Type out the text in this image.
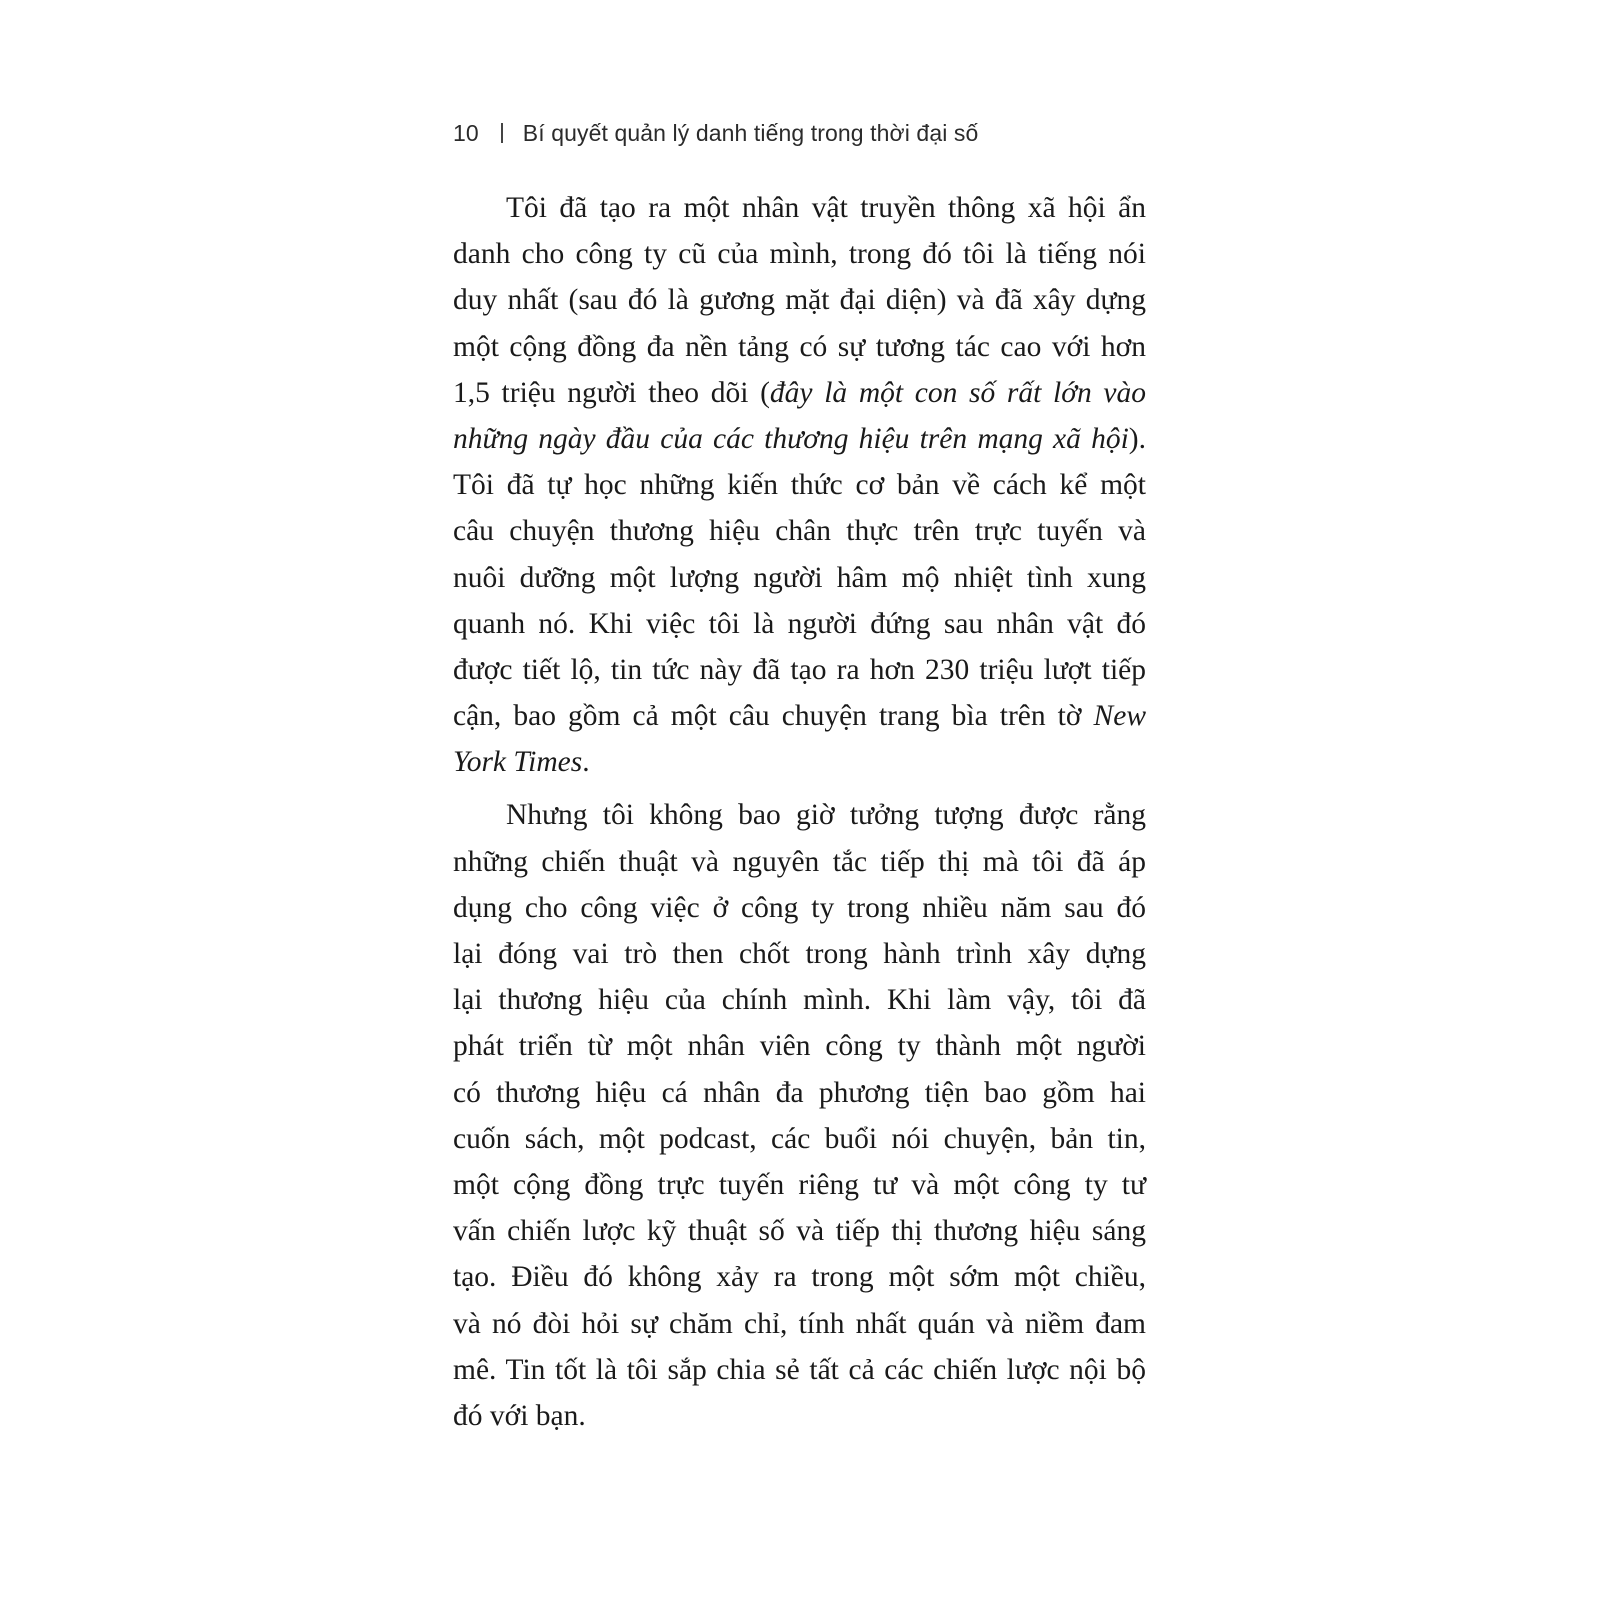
10 Bí quyết quản lý danh tiếng trong thời đại số
Tôi đã tạo ra một nhân vật truyền thông xã hội ẩn
danh cho công ty cũ của mình, trong đó tôi là tiếng nói
duy nhất (sau đó là gương mặt đại diện) và đã xây dựng
một cộng đồng đa nền tảng có sự tương tác cao với hơn
1,5 triệu người theo dõi (đây là một con số rất lớn vào
những ngày đầu của các thương hiệu trên mạng xã hội).
Tôi đã tự học những kiến thức cơ bản về cách kể một
câu chuyện thương hiệu chân thực trên trực tuyến và
nuôi dưỡng một lượng người hâm mộ nhiệt tình xung
quanh nó. Khi việc tôi là người đứng sau nhân vật đó
được tiết lộ, tin tức này đã tạo ra hơn 230 triệu lượt tiếp
cận, bao gồm cả một câu chuyện trang bìa trên tờ New
York Times.
Nhưng tôi không bao giờ tưởng tượng được rằng
những chiến thuật và nguyên tắc tiếp thị mà tôi đã áp
dụng cho công việc ở công ty trong nhiều năm sau đó
lại đóng vai trò then chốt trong hành trình xây dựng
lại thương hiệu của chính mình. Khi làm vậy, tôi đã
phát triển từ một nhân viên công ty thành một người
có thương hiệu cá nhân đa phương tiện bao gồm hai
cuốn sách, một podcast, các buổi nói chuyện, bản tin,
một cộng đồng trực tuyến riêng tư và một công ty tư
vấn chiến lược kỹ thuật số và tiếp thị thương hiệu sáng
tạo. Điều đó không xảy ra trong một sớm một chiều,
và nó đòi hỏi sự chăm chỉ, tính nhất quán và niềm đam
mê. Tin tốt là tôi sắp chia sẻ tất cả các chiến lược nội bộ
đó với bạn.
